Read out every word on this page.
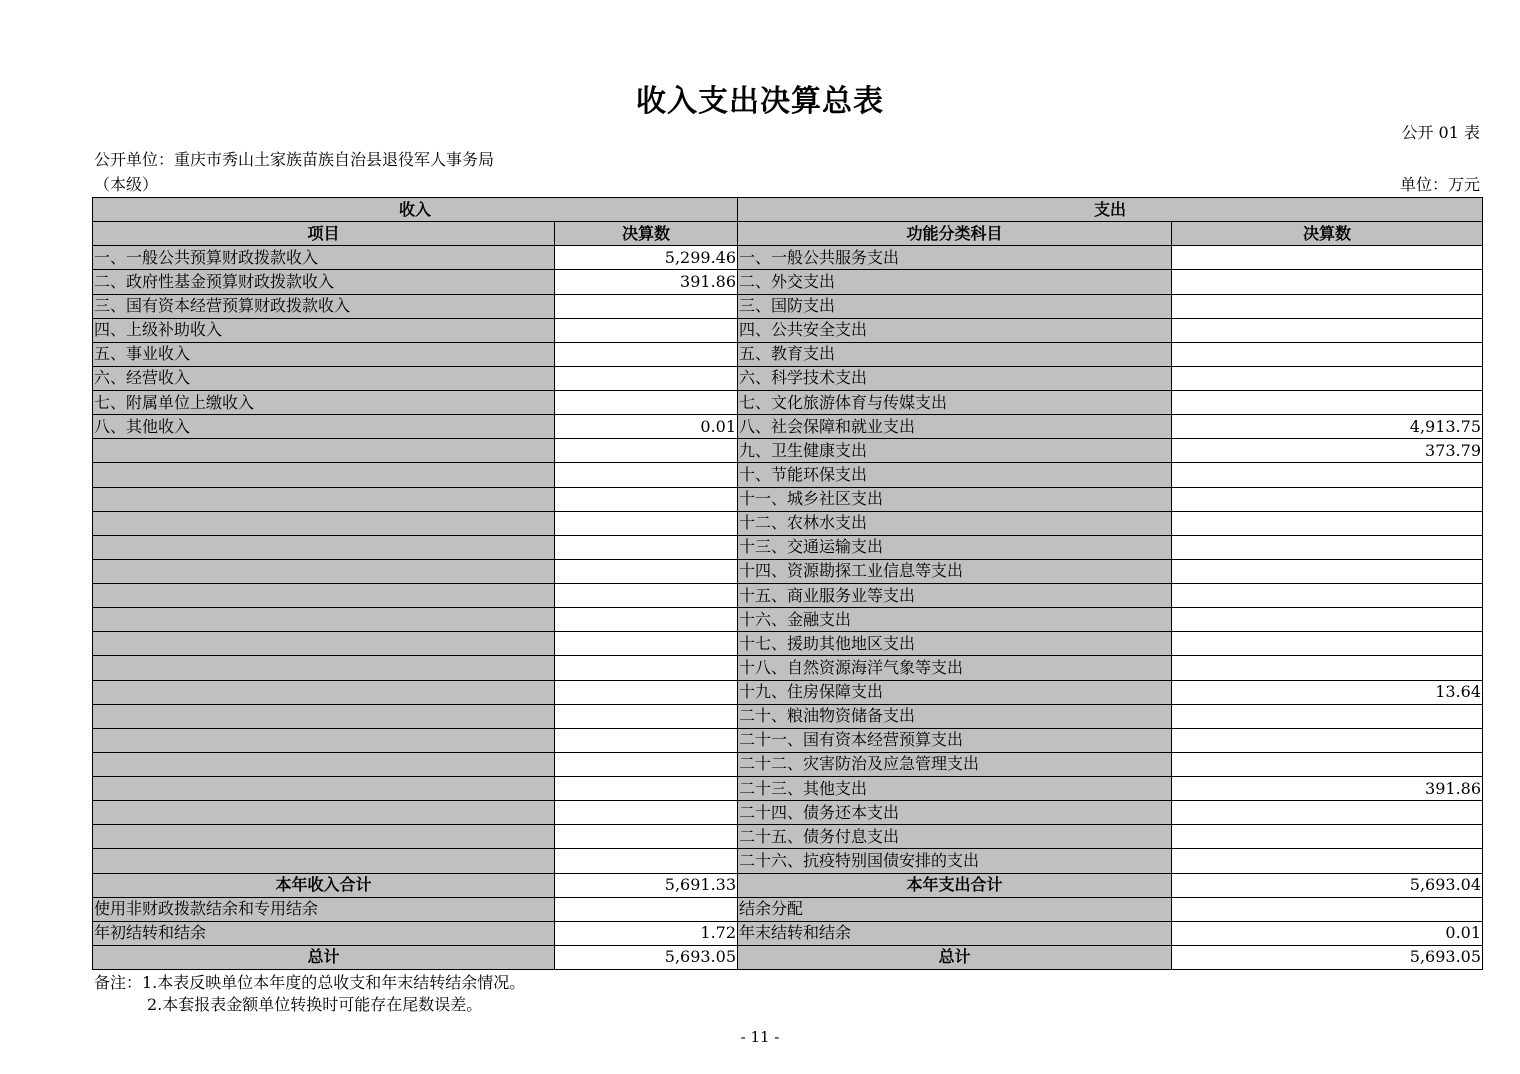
收入支出决算总表
公开 01 表
公开单位：重庆市秀山土家族苗族自治县退役军人事务局
（本级）	单位：万元
收入		支出	
项目	决算数	功能分类科目	决算数
一、一般公共预算财政拨款收入	5,299.46	一、一般公共服务支出	
二、政府性基金预算财政拨款收入	391.86	二、外交支出	
三、国有资本经营预算财政拨款收入		三、国防支出	
四、上级补助收入		四、公共安全支出	
五、事业收入		五、教育支出	
六、经营收入		六、科学技术支出	
七、附属单位上缴收入		七、文化旅游体育与传媒支出	
八、其他收入	0.01	八、社会保障和就业支出	4,913.75
		九、卫生健康支出	373.79
		十、节能环保支出	
		十一、城乡社区支出	
		十二、农林水支出	
		十三、交通运输支出	
		十四、资源勘探工业信息等支出	
		十五、商业服务业等支出	
		十六、金融支出	
		十七、援助其他地区支出	
		十八、自然资源海洋气象等支出	
		十九、住房保障支出	13.64
		二十、粮油物资储备支出	
		二十一、国有资本经营预算支出	
		二十二、灾害防治及应急管理支出	
		二十三、其他支出	391.86
		二十四、债务还本支出	
		二十五、债务付息支出	
		二十六、抗疫特别国债安排的支出	
本年收入合计	5,691.33	本年支出合计	5,693.04
使用非财政拨款结余和专用结余		结余分配	
年初结转和结余	1.72	年末结转和结余	0.01
总计	5,693.05	总计	5,693.05
备注：1.本表反映单位本年度的总收支和年末结转结余情况。
2.本套报表金额单位转换时可能存在尾数误差。
- 11 -
